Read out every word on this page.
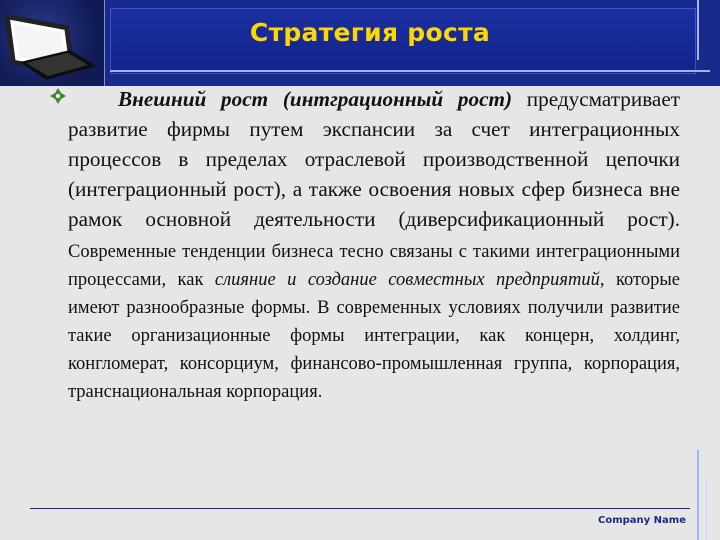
Стратегия роста

Внешний рост (интграционный рост) предусматривает развитие фирмы путем экспансии за счет интеграционных процессов в пределах отраслевой производственной цепочки (интеграционный рост), а также освоения новых сфер бизнеса вне рамок основной деятельности (диверсификационный рост).

Современные тенденции бизнеса тесно связаны с такими интеграционными процессами, как слияние и создание совместных предприятий, которые имеют разнообразные формы. В современных условиях получили развитие такие организационные формы интеграции, как концерн, холдинг, конгломерат, консорциум, финансово-промышленная группа, корпорация, транснациональная корпорация.

Company Name
